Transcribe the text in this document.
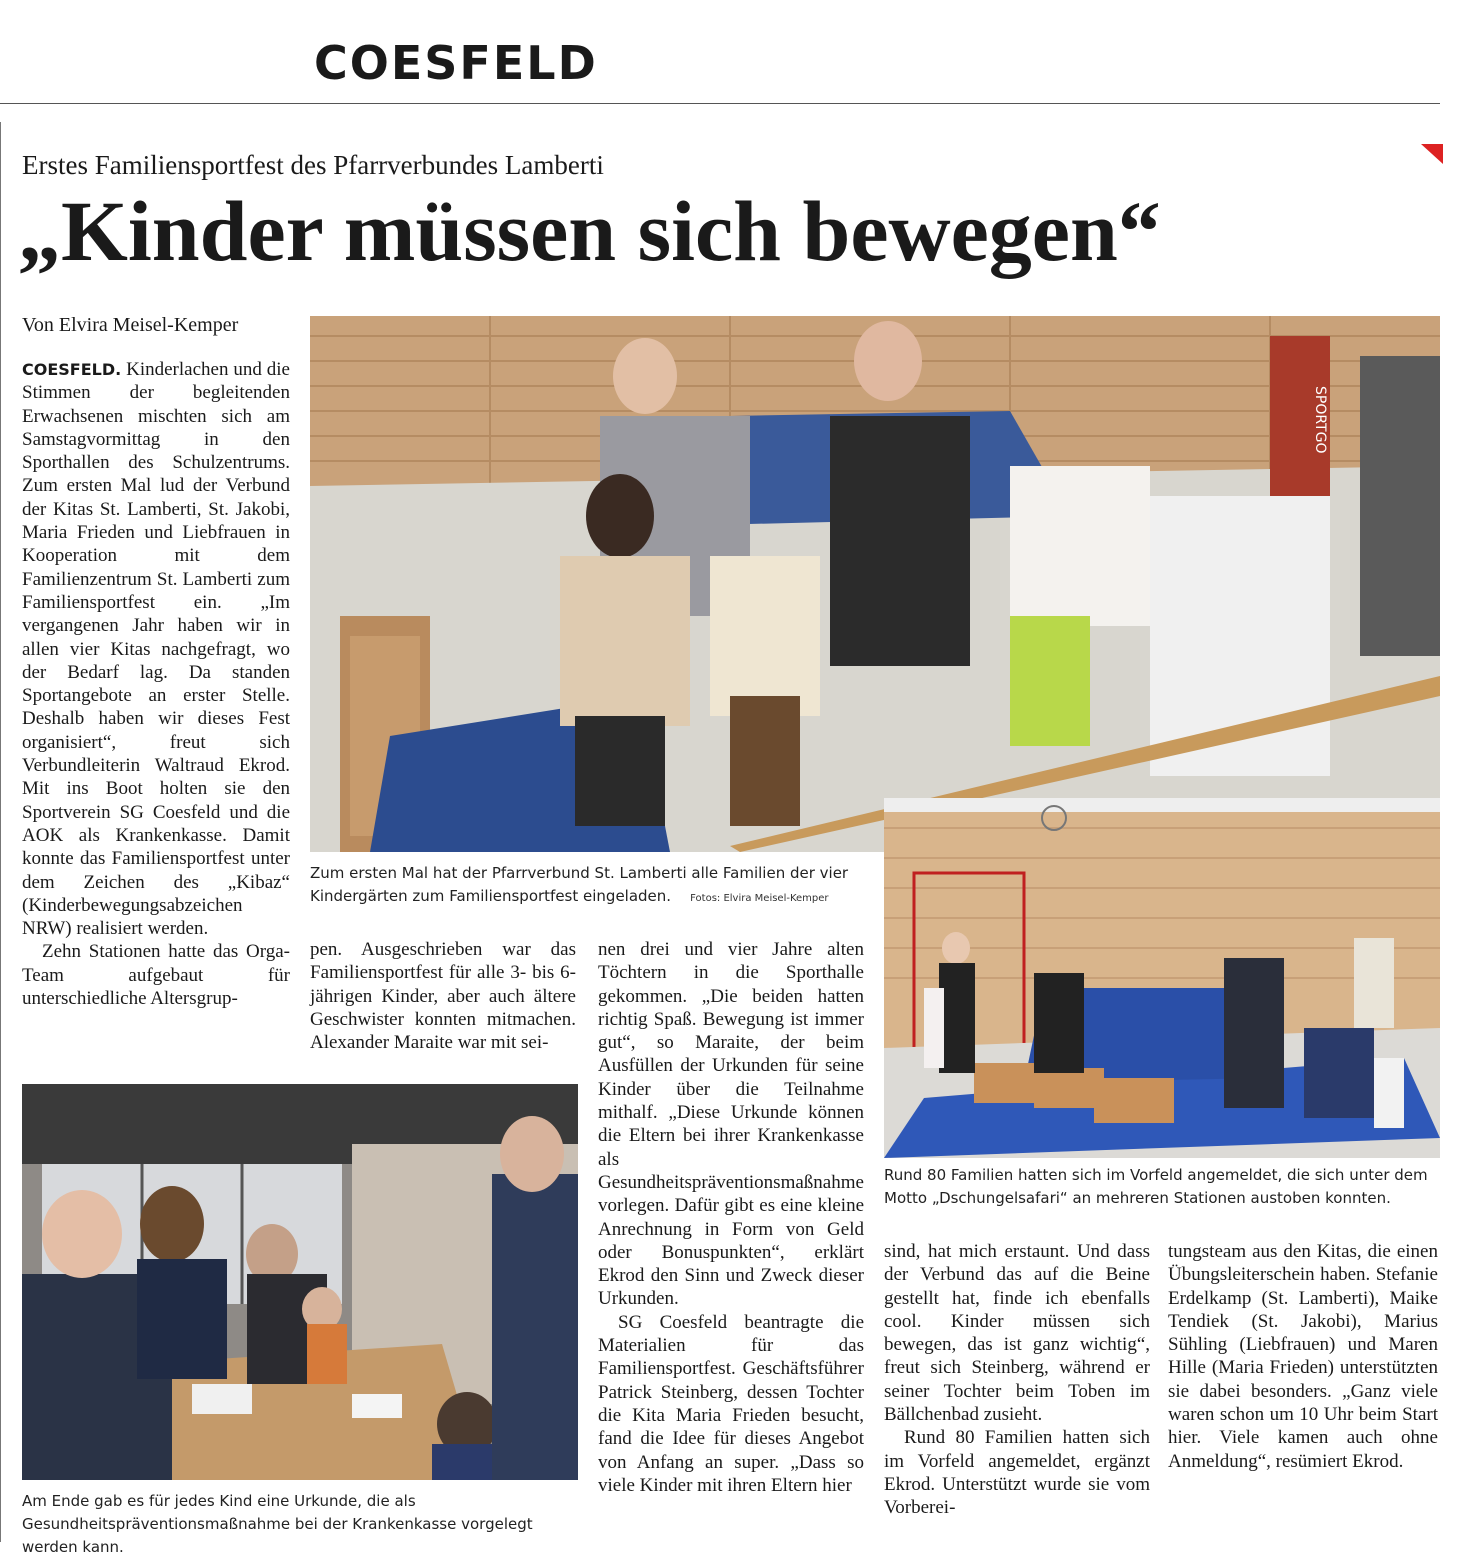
COESFELD
Erstes Familiensportfest des Pfarrverbundes Lamberti
„Kinder müssen sich bewegen“
Von Elvira Meisel-Kemper

COESFELD. Kinderlachen und die Stimmen der begleitenden Erwachsenen mischten sich am Samstagvormittag in den Sporthallen des Schulzentrums. Zum ersten Mal lud der Verbund der Kitas St. Lamberti, St. Jakobi, Maria Frieden und Liebfrauen in Kooperation mit dem Familienzentrum St. Lamberti zum Familiensportfest ein. „Im vergangenen Jahr haben wir in allen vier Kitas nachgefragt, wo der Bedarf lag. Da standen Sportangebote an erster Stelle. Deshalb haben wir dieses Fest organisiert“, freut sich Verbundleiterin Waltraud Ekrod. Mit ins Boot holten sie den Sportverein SG Coesfeld und die AOK als Krankenkasse. Damit konnte das Familiensportfest unter dem Zeichen des „Kibaz“ (Kinderbewegungsabzeichen NRW) realisiert werden.

Zehn Stationen hatte das Orga-Team aufgebaut für unterschiedliche Altersgrup-

SPORTGO
Zum ersten Mal hat der Pfarrverbund St. Lamberti alle Familien der vier Kindergärten zum Familiensportfest eingeladen. Fotos: Elvira Meisel-Kemper

pen. Ausgeschrieben war das Familiensportfest für alle 3- bis 6-jährigen Kinder, aber auch ältere Geschwister konnten mitmachen. Alexander Maraite war mit sei-

nen drei und vier Jahre alten Töchtern in die Sporthalle gekommen. „Die beiden hatten richtig Spaß. Bewegung ist immer gut“, so Maraite, der beim Ausfüllen der Urkunden für seine Kinder über die Teilnahme mithalf. „Diese Urkunde können die Eltern bei ihrer Krankenkasse als Gesundheitspräventionsmaßnahme vorlegen. Dafür gibt es eine kleine Anrechnung in Form von Geld oder Bonuspunkten“, erklärt Ekrod den Sinn und Zweck dieser Urkunden.

SG Coesfeld beantragte die Materialien für das Familiensportfest. Geschäftsführer Patrick Steinberg, dessen Tochter die Kita Maria Frieden besucht, fand die Idee für dieses Angebot von Anfang an super. „Dass so viele Kinder mit ihren Eltern hier

Rund 80 Familien hatten sich im Vorfeld angemeldet, die sich unter dem Motto „Dschungelsafari“ an mehreren Stationen austoben konnten.
Am Ende gab es für jedes Kind eine Urkunde, die als Gesundheitspräventionsmaßnahme bei der Krankenkasse vorgelegt werden kann.

sind, hat mich erstaunt. Und dass der Verbund das auf die Beine gestellt hat, finde ich ebenfalls cool. Kinder müssen sich bewegen, das ist ganz wichtig“, freut sich Steinberg, während er seiner Tochter beim Toben im Bällchenbad zusieht.

Rund 80 Familien hatten sich im Vorfeld angemeldet, ergänzt Ekrod. Unterstützt wurde sie vom Vorberei-

tungsteam aus den Kitas, die einen Übungsleiterschein haben. Stefanie Erdelkamp (St. Lamberti), Maike Tendiek (St. Jakobi), Marius Sühling (Liebfrauen) und Maren Hille (Maria Frieden) unterstützten sie dabei besonders. „Ganz viele waren schon um 10 Uhr beim Start hier. Viele kamen auch ohne Anmeldung“, resümiert Ekrod.
